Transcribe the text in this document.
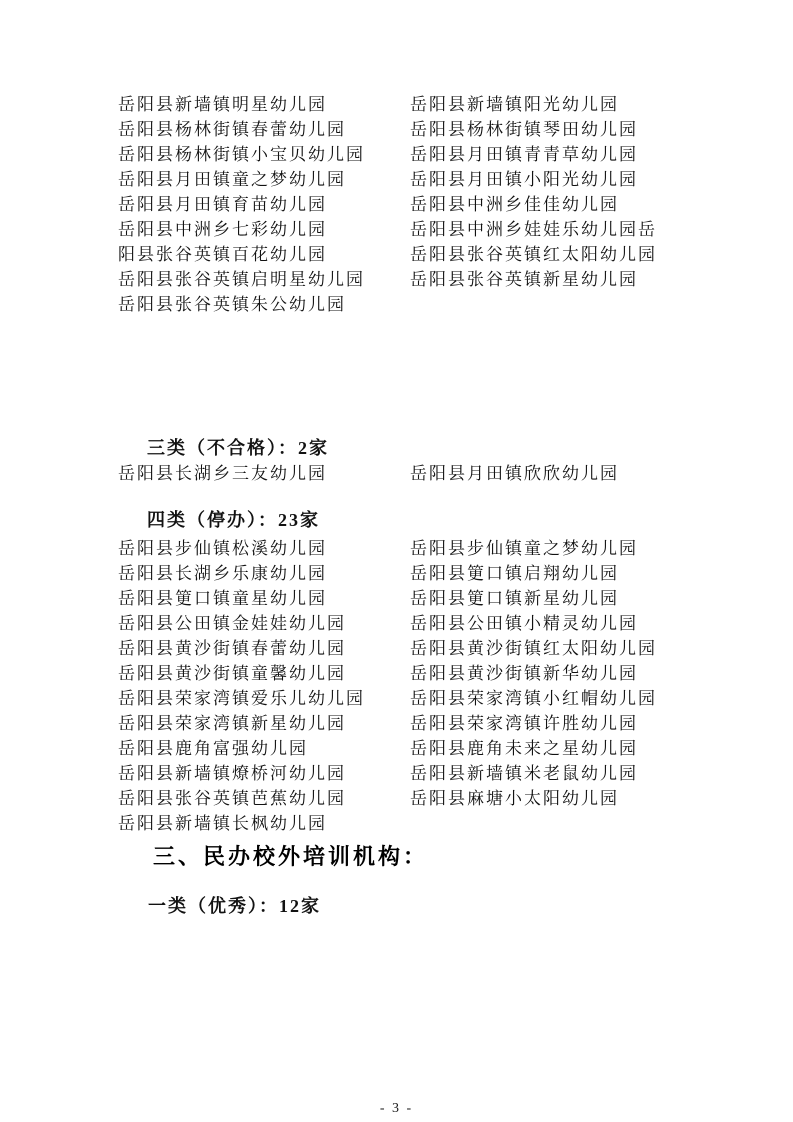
岳阳县新墙镇明星幼儿园	岳阳县新墙镇阳光幼儿园
岳阳县杨林街镇春蕾幼儿园	岳阳县杨林街镇琴田幼儿园
岳阳县杨林街镇小宝贝幼儿园	岳阳县月田镇青青草幼儿园
岳阳县月田镇童之梦幼儿园	岳阳县月田镇小阳光幼儿园
岳阳县月田镇育苗幼儿园	岳阳县中洲乡佳佳幼儿园
岳阳县中洲乡七彩幼儿园	岳阳县中洲乡娃娃乐幼儿园岳
阳县张谷英镇百花幼儿园	岳阳县张谷英镇红太阳幼儿园
岳阳县张谷英镇启明星幼儿园	岳阳县张谷英镇新星幼儿园
岳阳县张谷英镇朱公幼儿园
三类（不合格）：2家
岳阳县长湖乡三友幼儿园	岳阳县月田镇欣欣幼儿园
四类（停办）：23家
岳阳县步仙镇松溪幼儿园	岳阳县步仙镇童之梦幼儿园
岳阳县长湖乡乐康幼儿园	岳阳县筻口镇启翔幼儿园
岳阳县筻口镇童星幼儿园	岳阳县筻口镇新星幼儿园
岳阳县公田镇金娃娃幼儿园	岳阳县公田镇小精灵幼儿园
岳阳县黄沙街镇春蕾幼儿园	岳阳县黄沙街镇红太阳幼儿园
岳阳县黄沙街镇童馨幼儿园	岳阳县黄沙街镇新华幼儿园
岳阳县荣家湾镇爱乐儿幼儿园	岳阳县荣家湾镇小红帽幼儿园
岳阳县荣家湾镇新星幼儿园	岳阳县荣家湾镇许胜幼儿园
岳阳县鹿角富强幼儿园	岳阳县鹿角未来之星幼儿园
岳阳县新墙镇燎桥河幼儿园	岳阳县新墙镇米老鼠幼儿园
岳阳县张谷英镇芭蕉幼儿园	岳阳县麻塘小太阳幼儿园
岳阳县新墙镇长枫幼儿园
三、民办校外培训机构：
一类（优秀）：12家
- 3 -
